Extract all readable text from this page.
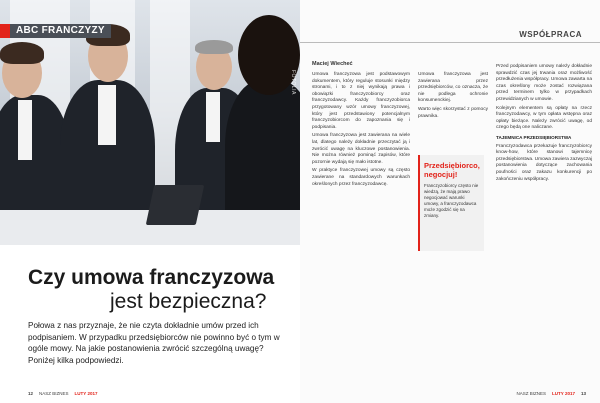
FOTOLIA
ABC FRANCZYZY
Czy umowa franczyzowa
jest bezpieczna?
Połowa z nas przyznaje, że nie czyta dokładnie umów przed ich podpisaniem. W przypadku przedsiębiorców nie powinno być o tym w ogóle mowy. Na jakie postanowienia zwrócić szczególną uwagę? Poniżej kilka podpowiedzi.
12 NASZ BIZNES LUTY 2017
WSPÓŁPRACA
Maciej Wiecheć

Umowa franczyzowa jest podstawowym dokumentem, który reguluje stosunki między stronami, i to z niej wynikają prawa i obowiązki franczyzobiorcy oraz franczyzodawcy. Każdy franczyzobiorca przygotowany wzór umowy franczyzowej, który jest przedstawiony potencjalnym franczyzobiorcom do zapoznania się i podpisania.

Umowa franczyzowa jest zawierana na wiele lat, dlatego należy dokładnie przeczytać ją i zwrócić uwagę na kluczowe postanowienia. Nie można również pominąć zapisów, które pozornie wydają się mało istotne.

W praktyce franczyzowej umowy są często zawierane na standardowych warunkach określonych przez franczyzodawcę.

Umowa franczyzowa jest zawierana przez przedsiębiorców, co oznacza, że nie podlega ochronie konsumenckiej.

Warto więc skorzystać z pomocy prawnika.

Przedsiębiorco, negocjuj!
Franczyzobiorcy często nie wiedzą, że mają prawo negocjować warunki umowy, a franczyzodawca może zgodzić się na zmiany.

Przed podpisaniem umowy należy dokładnie sprawdzić czas jej trwania oraz możliwość przedłużenia współpracy. Umowa zawarta na czas określony może zostać rozwiązana przed terminem tylko w przypadkach przewidzianych w umowie.

Kolejnym elementem są opłaty na rzecz franczyzodawcy, w tym opłata wstępna oraz opłaty bieżące. Należy zwrócić uwagę, od czego będą one naliczane.

TAJEMNICA PRZEDSIĘBIORSTWA

Franczyzodawca przekazuje franczyzobiorcy know-how, które stanowi tajemnicę przedsiębiorstwa. Umowa zawiera zazwyczaj postanowienia dotyczące zachowania poufności oraz zakazu konkurencji po zakończeniu współpracy.

NASZ BIZNES LUTY 2017 13
